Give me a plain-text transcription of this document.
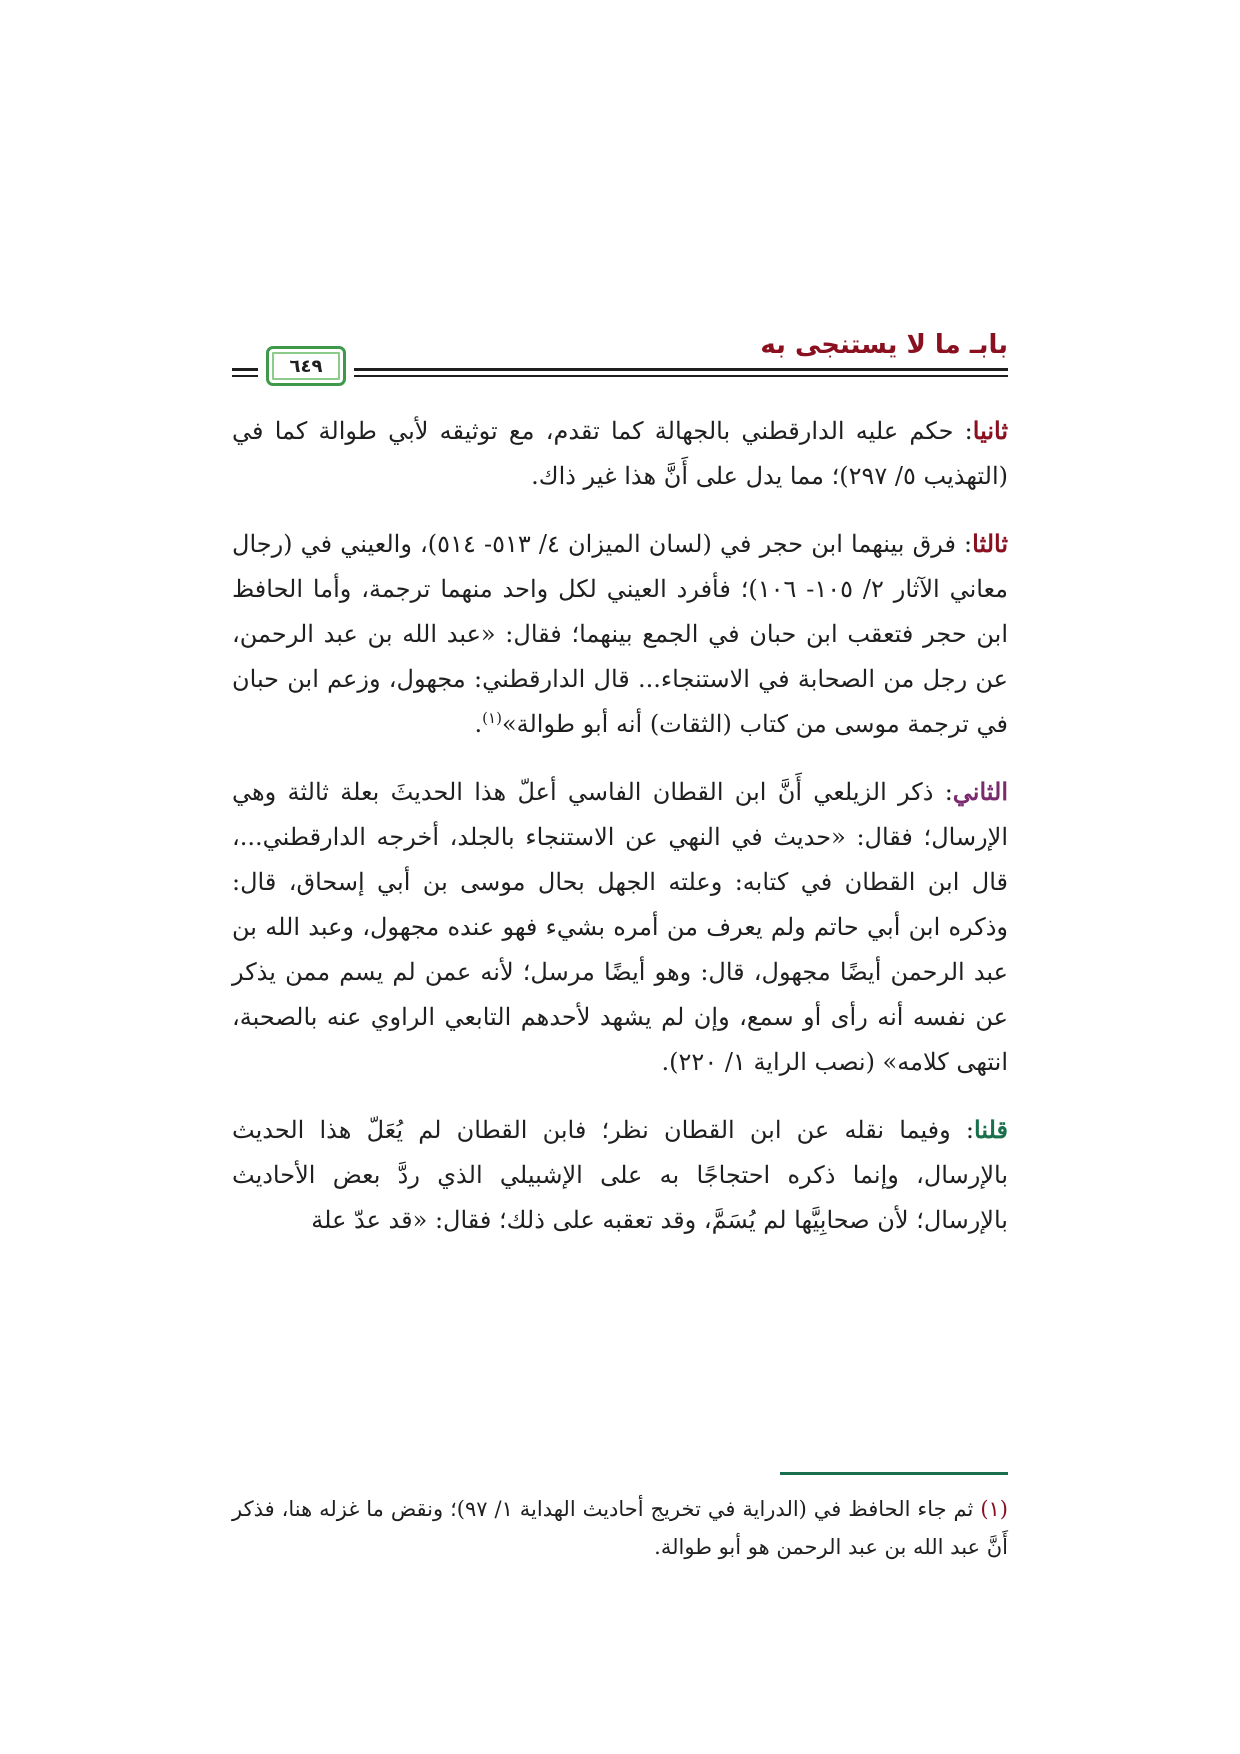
بابـ ما لا يستنجى به
٦٤٩

ثانيا: حكم عليه الدارقطني بالجهالة كما تقدم، مع توثيقه لأبي طوالة كما في (التهذيب ٥/ ٢٩٧)؛ مما يدل على أَنَّ هذا غير ذاك.

ثالثا: فرق بينهما ابن حجر في (لسان الميزان ٤/ ٥١٣- ٥١٤)، والعيني في (رجال معاني الآثار ٢/ ١٠٥- ١٠٦)؛ فأفرد العيني لكل واحد منهما ترجمة، وأما الحافظ ابن حجر فتعقب ابن حبان في الجمع بينهما؛ فقال: «عبد الله بن عبد الرحمن، عن رجل من الصحابة في الاستنجاء... قال الدارقطني: مجهول، وزعم ابن حبان في ترجمة موسى من كتاب (الثقات) أنه أبو طوالة»$^{(١)}$.

الثاني: ذكر الزيلعي أَنَّ ابن القطان الفاسي أعلّ هذا الحديثَ بعلة ثالثة وهي الإرسال؛ فقال: «حديث في النهي عن الاستنجاء بالجلد، أخرجه الدارقطني...، قال ابن القطان في كتابه: وعلته الجهل بحال موسى بن أبي إسحاق، قال: وذكره ابن أبي حاتم ولم يعرف من أمره بشيء فهو عنده مجهول، وعبد الله بن عبد الرحمن أيضًا مجهول، قال: وهو أيضًا مرسل؛ لأنه عمن لم يسم ممن يذكر عن نفسه أنه رأى أو سمع، وإن لم يشهد لأحدهم التابعي الراوي عنه بالصحبة، انتهى كلامه» (نصب الراية ١/ ٢٢٠).

قلنا: وفيما نقله عن ابن القطان نظر؛ فابن القطان لم يُعَلّ هذا الحديث بالإرسال، وإنما ذكره احتجاجًا به على الإشبيلي الذي ردَّ بعض الأحاديث بالإرسال؛ لأن صحابِيَّها لم يُسَمَّ، وقد تعقبه على ذلك؛ فقال: «قد عدّ علة

(١) ثم جاء الحافظ في (الدراية في تخريج أحاديث الهداية ١/ ٩٧)؛ ونقض ما غزله هنا، فذكر أَنَّ عبد الله بن عبد الرحمن هو أبو طوالة.
